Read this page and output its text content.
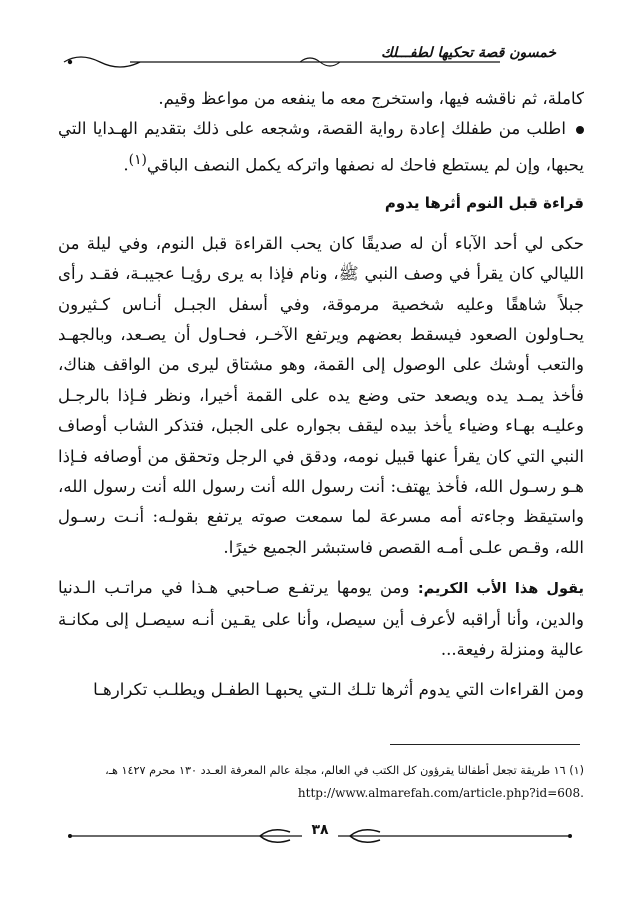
خمسون قصة تحكيها لطفـــلك

كاملة، ثم ناقشه فيها، واستخرج معه ما ينفعه من مواعظ وقيم.

اطلب من طفلك إعادة رواية القصة، وشجعه على ذلك بتقديم الهـدايا التي يحبها، وإن لم يستطع فاحك له نصفها واتركه يكمل النصف الباقي$^{(١)}$.

قراءة قبل النوم أثرها يدوم

حكى لي أحد الآباء أن له صديقًا كان يحب القراءة قبل النوم، وفي ليلة من الليالي كان يقرأ في وصف النبي ﷺ، ونام فإذا به يرى رؤيـا عجيبـة، فقـد رأى جبلاً شاهقًا وعليه شخصية مرموقة، وفي أسفل الجبـل أنـاس كـثيرون يحـاولون الصعود فيسقط بعضهم ويرتفع الآخـر، فحـاول أن يصـعد، وبالجهـد والتعب أوشك على الوصول إلى القمة، وهو مشتاق ليرى من الواقف هناك، فأخذ يمـد يده ويصعد حتى وضع يده على القمة أخيرا، ونظر فـإذا بالرجـل وعليـه بهـاء وضياء يأخذ بيده ليقف بجواره على الجبل، فتذكر الشاب أوصاف النبي التي كان يقرأ عنها قبيل نومه، ودقق في الرجل وتحقق من أوصافه فـإذا هـو رسـول الله، فأخذ يهتف: أنت رسول الله أنت رسول الله أنت رسول الله، واستيقظ وجاءته أمه مسرعة لما سمعت صوته يرتفع بقولـه: أنـت رسـول الله، وقـص علـى أمـه القصص فاستبشر الجميع خيرًا.

يقول هذا الأب الكريم: ومن يومها يرتفـع صـاحبي هـذا في مراتـب الـدنيا والدين، وأنا أراقبه لأعرف أين سيصل، وأنا على يقـين أنـه سيصـل إلى مكانـة عالية ومنزلة رفيعة...

ومن القراءات التي يدوم أثرها تلـك الـتي يحبهـا الطفـل ويطلـب تكرارهـا

(١) ١٦ طريقة تجعل أطفالنا يقرؤون كل الكتب في العالم، مجلة عالم المعرفة العـدد ١٣٠ محرم ١٤٢٧ هـ،
http://www.almarefah.com/article.php?id=608.
٣٨
